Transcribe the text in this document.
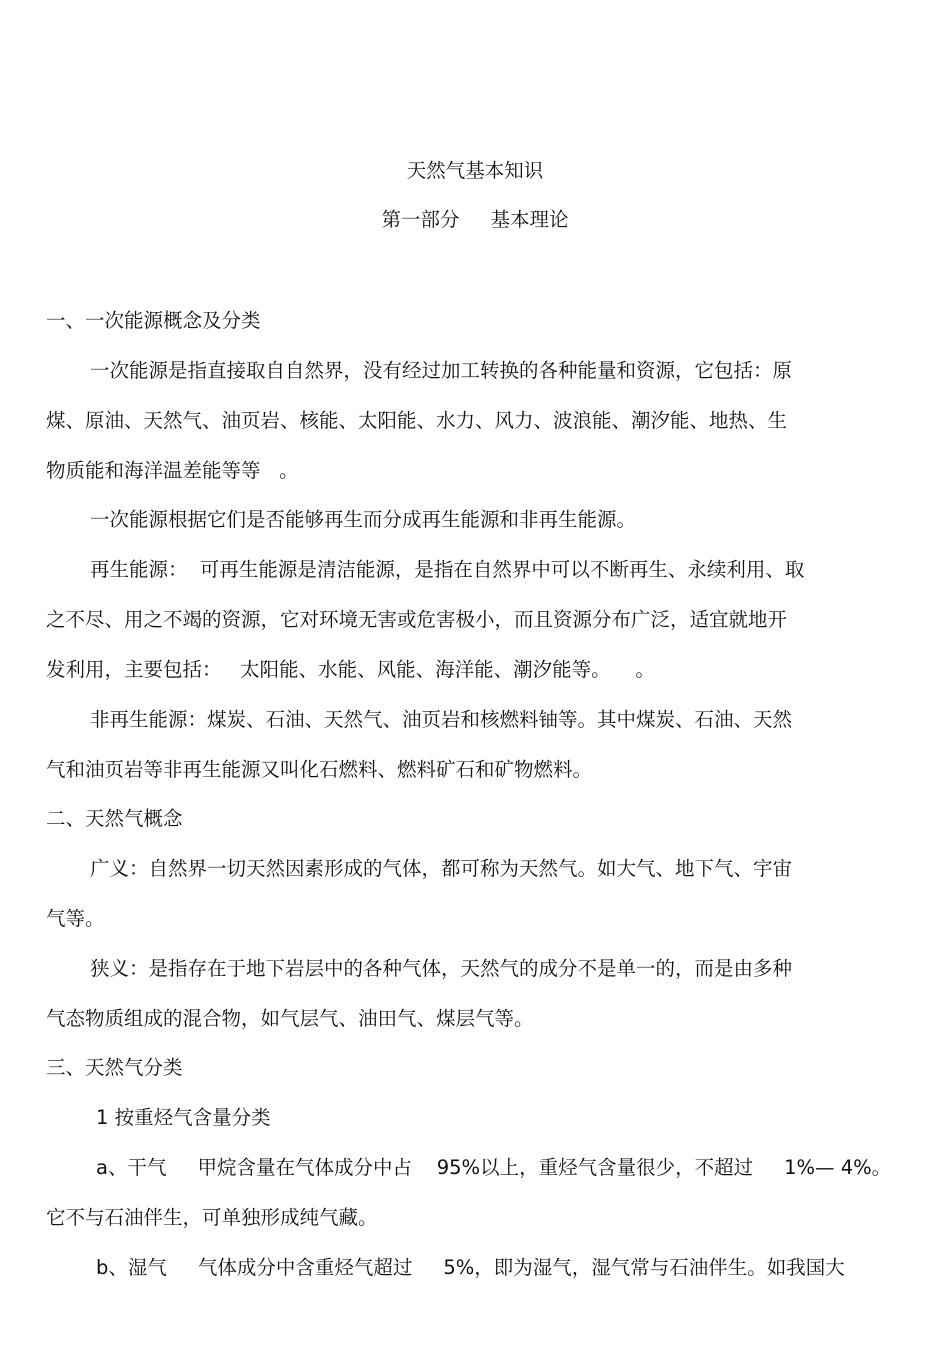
天然气基本知识
第一部分     基本理论
一、一次能源概念及分类
一次能源是指直接取自自然界，没有经过加工转换的各种能量和资源，它包括：原
煤、原油、天然气、油页岩、核能、太阳能、水力、风力、波浪能、潮汐能、地热、生
物质能和海洋温差能等等   。
一次能源根据它们是否能够再生而分成再生能源和非再生能源。
再生能源：  可再生能源是清洁能源，是指在自然界中可以不断再生、永续利用、取
之不尽、用之不竭的资源，它对环境无害或危害极小，而且资源分布广泛，适宜就地开
发利用，主要包括：   太阳能、水能、风能、海洋能、潮汐能等。    。
非再生能源：煤炭、石油、天然气、油页岩和核燃料铀等。其中煤炭、石油、天然
气和油页岩等非再生能源又叫化石燃料、燃料矿石和矿物燃料。
二、天然气概念
广义：自然界一切天然因素形成的气体，都可称为天然气。如大气、地下气、宇宙
气等。
狭义：是指存在于地下岩层中的各种气体，天然气的成分不是单一的，而是由多种
气态物质组成的混合物，如气层气、油田气、煤层气等。
三、天然气分类
1 按重烃气含量分类
a、干气     甲烷含量在气体成分中占    95%以上，重烃气含量很少，不超过     1%— 4%。
它不与石油伴生，可单独形成纯气藏。
b、湿气     气体成分中含重烃气超过     5%，即为湿气，湿气常与石油伴生。如我国大
